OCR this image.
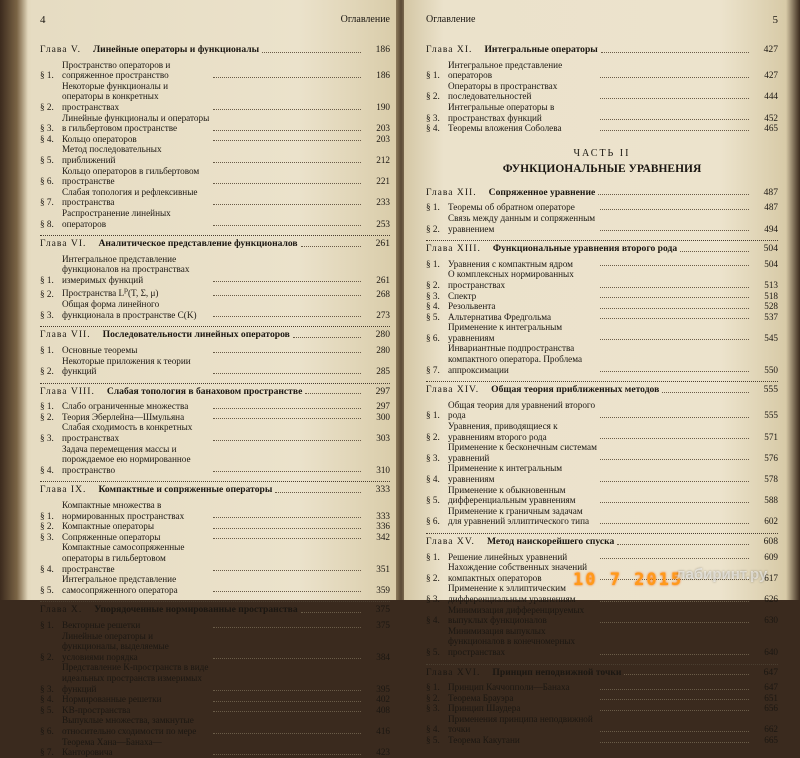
4	Оглавление
Глава V. Линейные операторы и функционалы	186
§ 1.
Пространство операторов и сопряженное пространство	186
§ 2.
Некоторые функционалы и операторы в конкретных пространствах	190
§ 3.
Линейные функционалы и операторы в гильбертовом пространстве	203
§ 4. Кольцо операторов	203
§ 5.
Метод последовательных приближений	212
§ 6.
Кольцо операторов в гильбертовом пространстве	221
§ 7.
Слабая топология и рефлексивные пространства	233
§ 8.
Распространение линейных операторов	253
Глава VI. Аналитическое представление функционалов	261
§ 1.
Интегральное представление функционалов на пространствах измеримых функций	261
§ 2. Пространства $L^p(T$, Σ, μ)	268
§ 3.
Общая форма линейного функционала в пространстве C(K)	273
Глава VII. Последовательности линейных операторов	280
§ 1. Основные теоремы	280
§ 2.
Некоторые приложения к теории функций	285
Глава VIII. Слабая топология в банаховом пространстве	297
§ 1. Слабо ограниченные множества	297
§ 2. Теория Эберлейна—Шмульяна	300
§ 3.
Слабая сходимость в конкретных пространствах	303
§ 4.
Задача перемещения массы и порождаемое ею нормированное пространство	310
Глава IX. Компактные и сопряженные операторы	333
§ 1.
Компактные множества в нормированных пространствах	333
§ 2. Компактные операторы	336
§ 3. Сопряженные операторы	342
§ 4.
Компактные самосопряженные операторы в гильбертовом пространстве	351
§ 5.
Интегральное представление самосопряженного оператора	359
Глава X. Упорядоченные нормированные пространства	375
§ 1. Векторные решетки	375
§ 2.
Линейные операторы и функционалы, выделяемые условиями порядка	384
§ 3.
Представление K-пространств в виде идеальных пространств измеримых функций	395
§ 4. Нормированные решетки	402
§ 5. KB-пространства	408
§ 6.
Выпуклые множества, замкнутые относительно сходимости по мере	416
§ 7.
Теорема Хана—Банаха—Канторовича	423
Оглавление	5
Глава XI. Интегральные операторы	427
§ 1.
Интегральное представление операторов	427
§ 2.
Операторы в пространствах последовательностей	444
§ 3.
Интегральные операторы в пространствах функций	452
§ 4. Теоремы вложения Соболева	465
ЧАСТЬ II
ФУНКЦИОНАЛЬНЫЕ УРАВНЕНИЯ
Глава XII. Сопряженное уравнение	487
§ 1. Теоремы об обратном операторе	487
§ 2.
Связь между данным и сопряженным уравнением	494
Глава XIII. Функциональные уравнения второго рода	504
§ 1. Уравнения с компактным ядром	504
§ 2.
О комплексных нормированных пространствах	513
§ 3. Спектр	518
§ 4. Резольвента	528
§ 5. Альтернатива Фредгольма	537
§ 6.
Применение к интегральным уравнениям	545
§ 7.
Инвариантные подпространства компактного оператора. Проблема аппроксимации	550
Глава XIV. Общая теория приближенных методов	555
§ 1.
Общая теория для уравнений второго рода	555
§ 2.
Уравнения, приводящиеся к уравнениям второго рода	571
§ 3.
Применение к бесконечным системам уравнений	576
§ 4.
Применение к интегральным уравнениям	578
§ 5.
Применение к обыкновенным дифференциальным уравнениям	588
§ 6.
Применение к граничным задачам для уравнений эллиптического типа	602
Глава XV. Метод наискорейшего спуска	608
§ 1. Решение линейных уравнений	609
§ 2.
Нахождение собственных значений компактных операторов	617
§ 3.
Применение к эллиптическим дифференциальным уравнениям	626
§ 4.
Минимизация дифференцируемых выпуклых функционалов	630
§ 5.
Минимизация выпуклых функционалов в конечномерных пространствах	640
Глава XVI. Принцип неподвижной точки	647
§ 1. Принцип Каччопполи—Банаха	647
§ 2. Теорема Брауэра	651
§ 3. Принцип Шаудера	656
§ 4.
Применения принципа неподвижной точки	662
§ 5. Теорема Какутани	665
10 7 2015
лабиринт.ру
